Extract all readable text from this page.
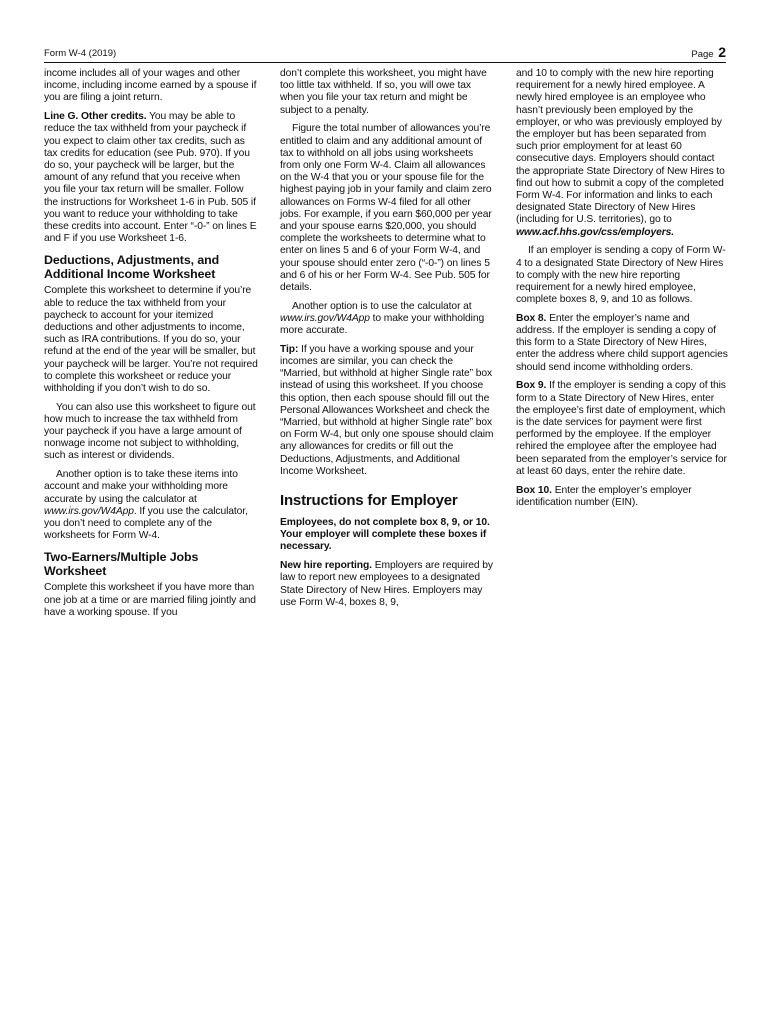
Form W-4 (2019)	Page 2

income includes all of your wages and other income, including income earned by a spouse if you are filing a joint return.

Line G. Other credits. You may be able to reduce the tax withheld from your paycheck if you expect to claim other tax credits, such as tax credits for education (see Pub. 970). If you do so, your paycheck will be larger, but the amount of any refund that you receive when you file your tax return will be smaller. Follow the instructions for Worksheet 1-6 in Pub. 505 if you want to reduce your withholding to take these credits into account. Enter “-0-” on lines E and F if you use Worksheet 1-6.

Deductions, Adjustments, and Additional Income Worksheet

Complete this worksheet to determine if you’re able to reduce the tax withheld from your paycheck to account for your itemized deductions and other adjustments to income, such as IRA contributions. If you do so, your refund at the end of the year will be smaller, but your paycheck will be larger. You’re not required to complete this worksheet or reduce your withholding if you don’t wish to do so.

You can also use this worksheet to figure out how much to increase the tax withheld from your paycheck if you have a large amount of nonwage income not subject to withholding, such as interest or dividends.

Another option is to take these items into account and make your withholding more accurate by using the calculator at www.irs.gov/W4App. If you use the calculator, you don’t need to complete any of the worksheets for Form W-4.

Two-Earners/Multiple Jobs Worksheet

Complete this worksheet if you have more than one job at a time or are married filing jointly and have a working spouse. If you

don’t complete this worksheet, you might have too little tax withheld. If so, you will owe tax when you file your tax return and might be subject to a penalty.

Figure the total number of allowances you’re entitled to claim and any additional amount of tax to withhold on all jobs using worksheets from only one Form W-4. Claim all allowances on the W-4 that you or your spouse file for the highest paying job in your family and claim zero allowances on Forms W-4 filed for all other jobs. For example, if you earn $60,000 per year and your spouse earns $20,000, you should complete the worksheets to determine what to enter on lines 5 and 6 of your Form W-4, and your spouse should enter zero (“-0-”) on lines 5 and 6 of his or her Form W-4. See Pub. 505 for details.

Another option is to use the calculator at www.irs.gov/W4App to make your withholding more accurate.

Tip: If you have a working spouse and your incomes are similar, you can check the “Married, but withhold at higher Single rate” box instead of using this worksheet. If you choose this option, then each spouse should fill out the Personal Allowances Worksheet and check the “Married, but withhold at higher Single rate” box on Form W-4, but only one spouse should claim any allowances for credits or fill out the Deductions, Adjustments, and Additional Income Worksheet.

Instructions for Employer

Employees, do not complete box 8, 9, or 10. Your employer will complete these boxes if necessary.

New hire reporting. Employers are required by law to report new employees to a designated State Directory of New Hires. Employers may use Form W-4, boxes 8, 9,

and 10 to comply with the new hire reporting requirement for a newly hired employee. A newly hired employee is an employee who hasn’t previously been employed by the employer, or who was previously employed by the employer but has been separated from such prior employment for at least 60 consecutive days. Employers should contact the appropriate State Directory of New Hires to find out how to submit a copy of the completed Form W-4. For information and links to each designated State Directory of New Hires (including for U.S. territories), go to www.acf.hhs.gov/css/employers.

If an employer is sending a copy of Form W-4 to a designated State Directory of New Hires to comply with the new hire reporting requirement for a newly hired employee, complete boxes 8, 9, and 10 as follows.

Box 8. Enter the employer’s name and address. If the employer is sending a copy of this form to a State Directory of New Hires, enter the address where child support agencies should send income withholding orders.

Box 9. If the employer is sending a copy of this form to a State Directory of New Hires, enter the employee’s first date of employment, which is the date services for payment were first performed by the employee. If the employer rehired the employee after the employee had been separated from the employer’s service for at least 60 days, enter the rehire date.

Box 10. Enter the employer’s employer identification number (EIN).
